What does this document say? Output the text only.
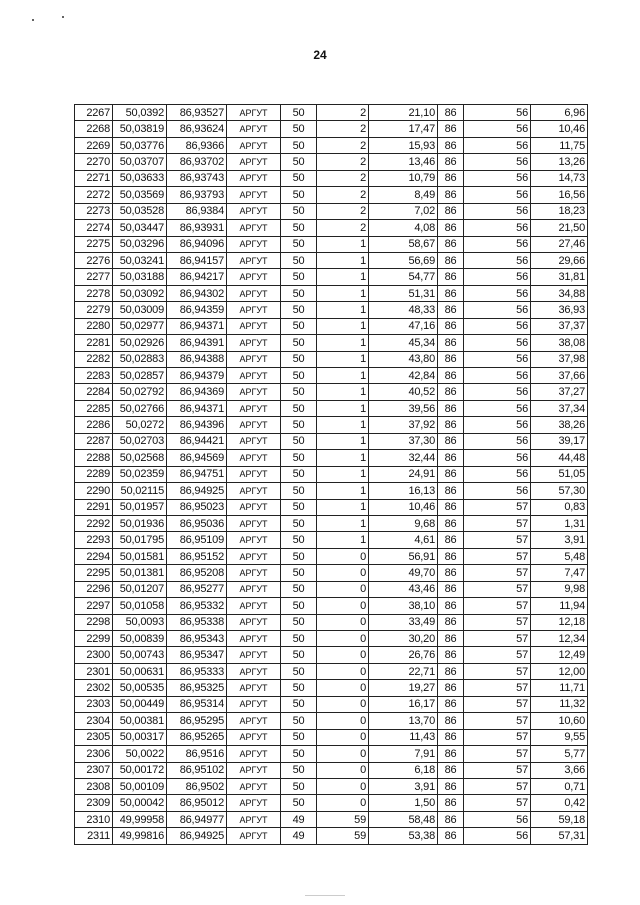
24
2267	50,0392	86,93527	АРГУТ	50	2	21,10	86	56	6,96
2268	50,03819	86,93624	АРГУТ	50	2	17,47	86	56	10,46
2269	50,03776	86,9366	АРГУТ	50	2	15,93	86	56	11,75
2270	50,03707	86,93702	АРГУТ	50	2	13,46	86	56	13,26
2271	50,03633	86,93743	АРГУТ	50	2	10,79	86	56	14,73
2272	50,03569	86,93793	АРГУТ	50	2	8,49	86	56	16,56
2273	50,03528	86,9384	АРГУТ	50	2	7,02	86	56	18,23
2274	50,03447	86,93931	АРГУТ	50	2	4,08	86	56	21,50
2275	50,03296	86,94096	АРГУТ	50	1	58,67	86	56	27,46
2276	50,03241	86,94157	АРГУТ	50	1	56,69	86	56	29,66
2277	50,03188	86,94217	АРГУТ	50	1	54,77	86	56	31,81
2278	50,03092	86,94302	АРГУТ	50	1	51,31	86	56	34,88
2279	50,03009	86,94359	АРГУТ	50	1	48,33	86	56	36,93
2280	50,02977	86,94371	АРГУТ	50	1	47,16	86	56	37,37
2281	50,02926	86,94391	АРГУТ	50	1	45,34	86	56	38,08
2282	50,02883	86,94388	АРГУТ	50	1	43,80	86	56	37,98
2283	50,02857	86,94379	АРГУТ	50	1	42,84	86	56	37,66
2284	50,02792	86,94369	АРГУТ	50	1	40,52	86	56	37,27
2285	50,02766	86,94371	АРГУТ	50	1	39,56	86	56	37,34
2286	50,0272	86,94396	АРГУТ	50	1	37,92	86	56	38,26
2287	50,02703	86,94421	АРГУТ	50	1	37,30	86	56	39,17
2288	50,02568	86,94569	АРГУТ	50	1	32,44	86	56	44,48
2289	50,02359	86,94751	АРГУТ	50	1	24,91	86	56	51,05
2290	50,02115	86,94925	АРГУТ	50	1	16,13	86	56	57,30
2291	50,01957	86,95023	АРГУТ	50	1	10,46	86	57	0,83
2292	50,01936	86,95036	АРГУТ	50	1	9,68	86	57	1,31
2293	50,01795	86,95109	АРГУТ	50	1	4,61	86	57	3,91
2294	50,01581	86,95152	АРГУТ	50	0	56,91	86	57	5,48
2295	50,01381	86,95208	АРГУТ	50	0	49,70	86	57	7,47
2296	50,01207	86,95277	АРГУТ	50	0	43,46	86	57	9,98
2297	50,01058	86,95332	АРГУТ	50	0	38,10	86	57	11,94
2298	50,0093	86,95338	АРГУТ	50	0	33,49	86	57	12,18
2299	50,00839	86,95343	АРГУТ	50	0	30,20	86	57	12,34
2300	50,00743	86,95347	АРГУТ	50	0	26,76	86	57	12,49
2301	50,00631	86,95333	АРГУТ	50	0	22,71	86	57	12,00
2302	50,00535	86,95325	АРГУТ	50	0	19,27	86	57	11,71
2303	50,00449	86,95314	АРГУТ	50	0	16,17	86	57	11,32
2304	50,00381	86,95295	АРГУТ	50	0	13,70	86	57	10,60
2305	50,00317	86,95265	АРГУТ	50	0	11,43	86	57	9,55
2306	50,0022	86,9516	АРГУТ	50	0	7,91	86	57	5,77
2307	50,00172	86,95102	АРГУТ	50	0	6,18	86	57	3,66
2308	50,00109	86,9502	АРГУТ	50	0	3,91	86	57	0,71
2309	50,00042	86,95012	АРГУТ	50	0	1,50	86	57	0,42
2310	49,99958	86,94977	АРГУТ	49	59	58,48	86	56	59,18
2311	49,99816	86,94925	АРГУТ	49	59	53,38	86	56	57,31
